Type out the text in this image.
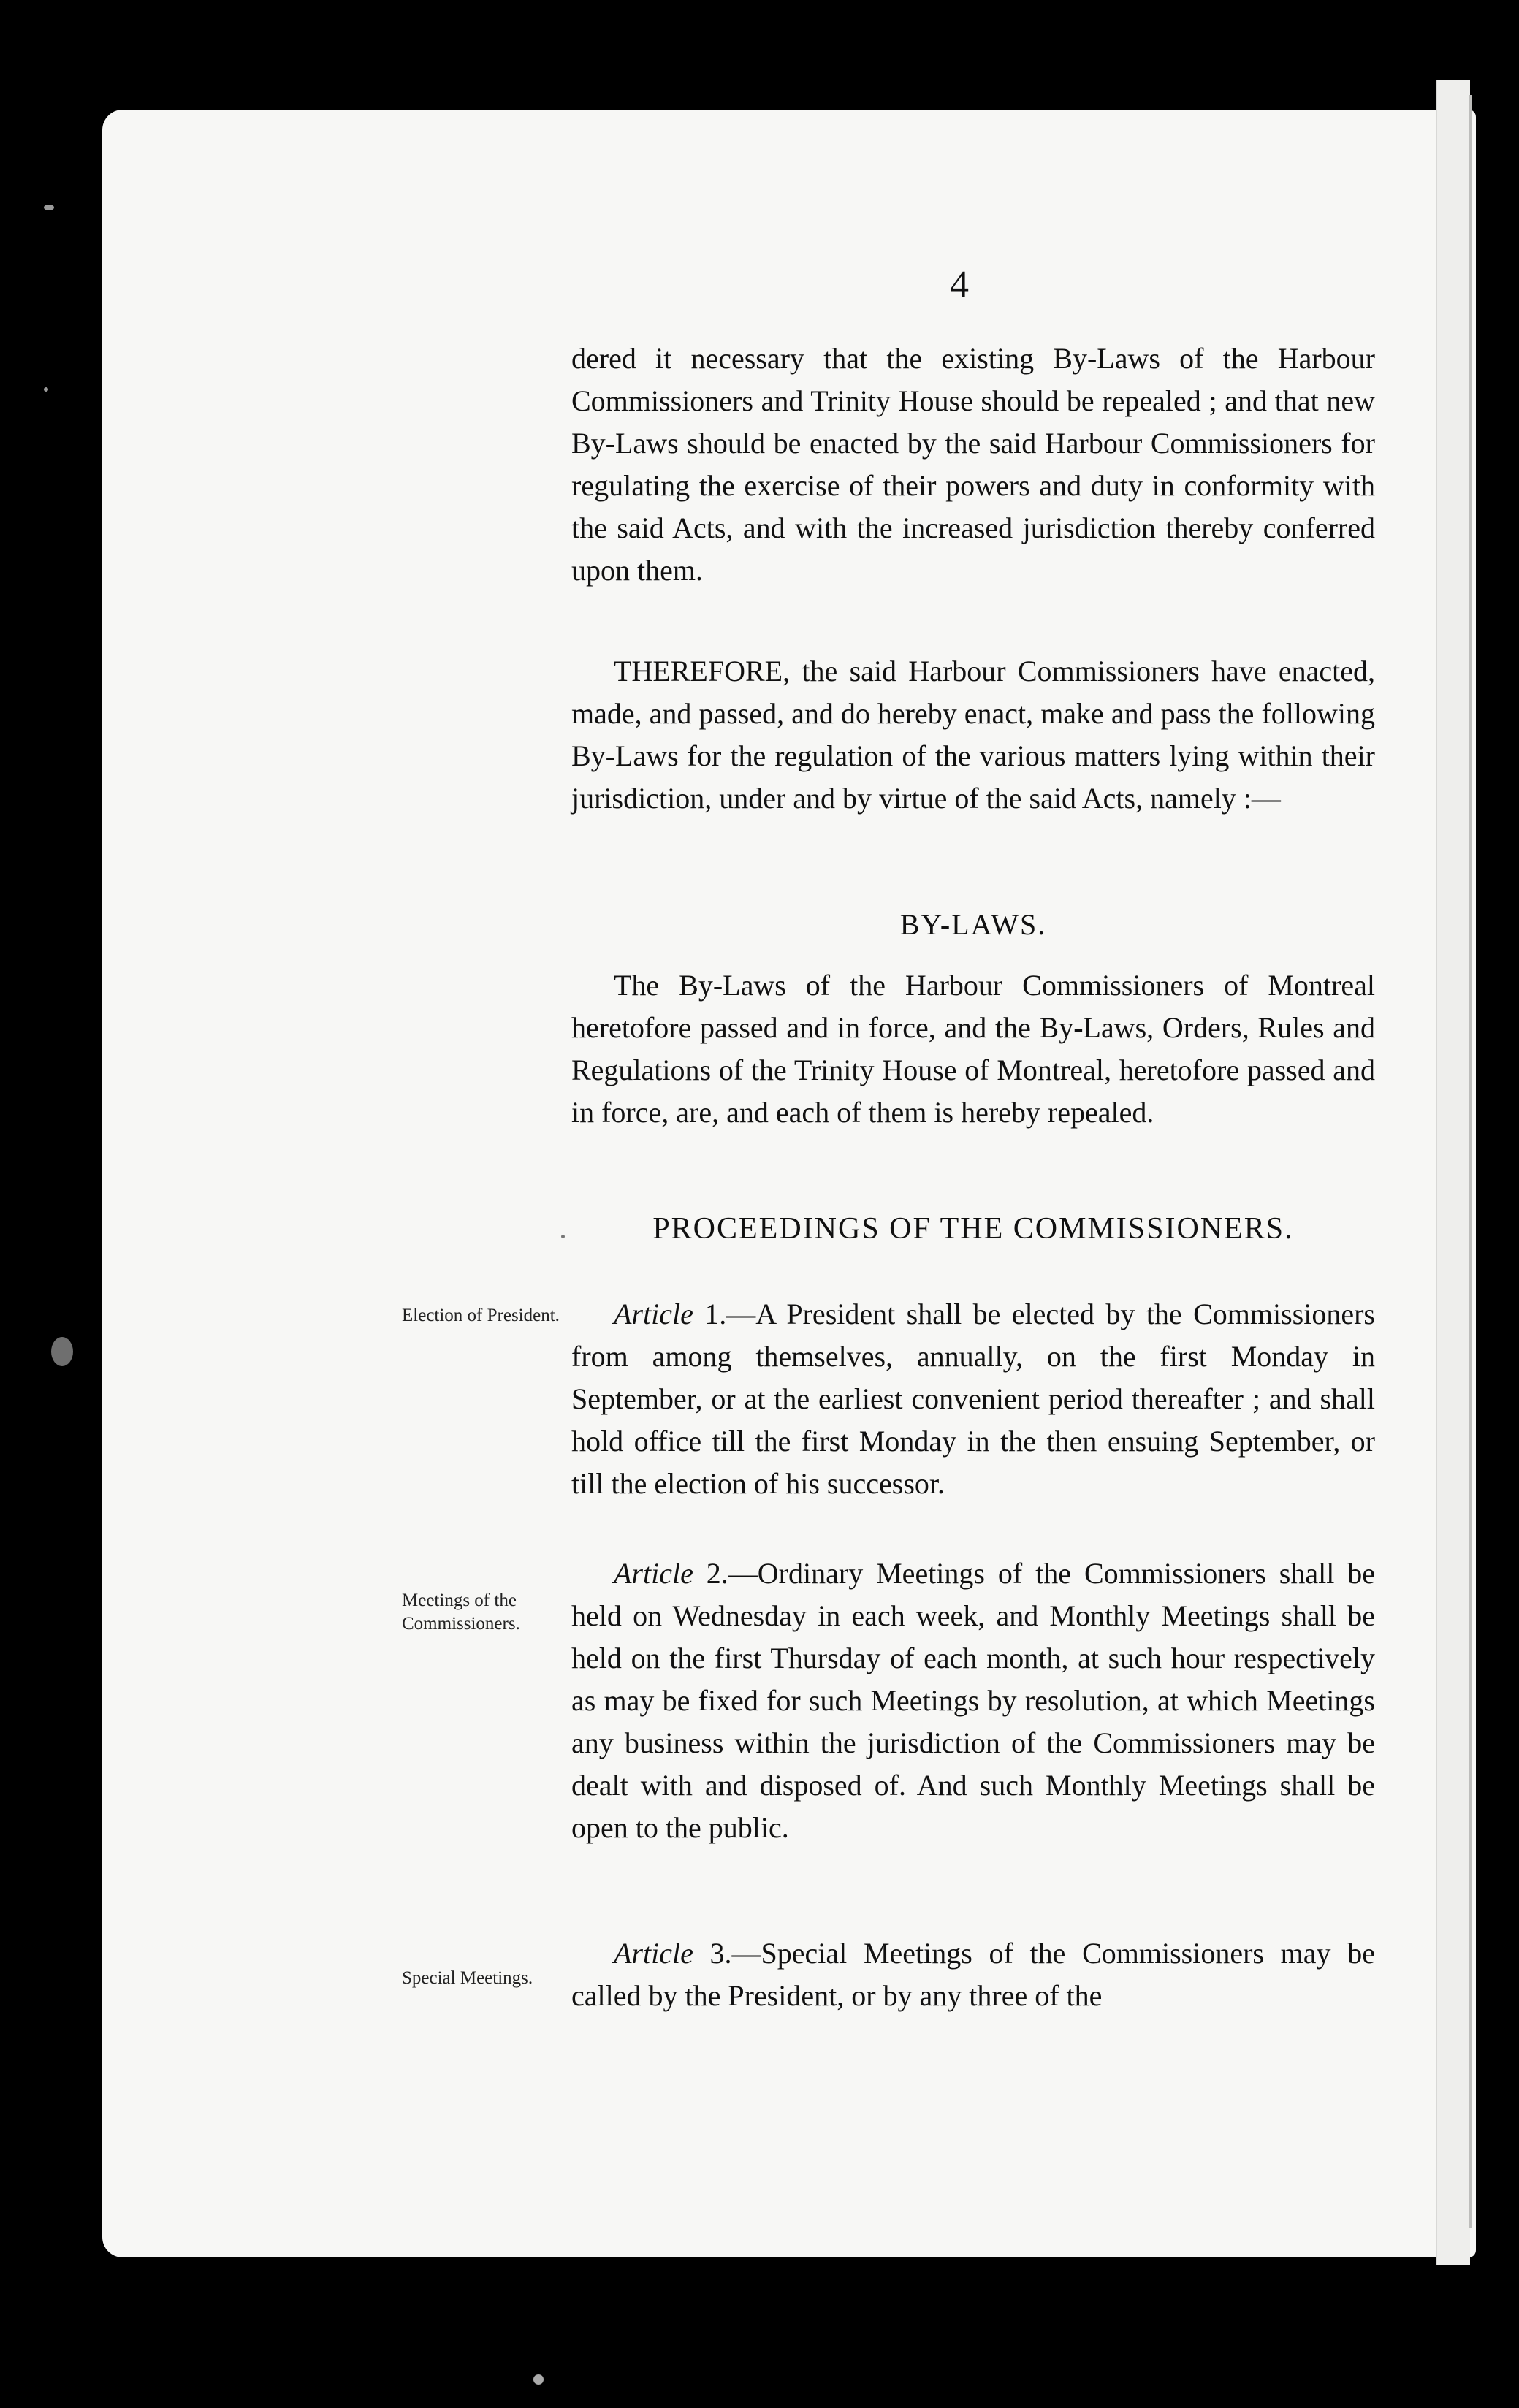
4
dered it necessary that the existing By-Laws of the Harbour Commissioners and Trinity House should be repealed ; and that new By-Laws should be enacted by the said Harbour Commissioners for regulating the exercise of their powers and duty in conformity with the said Acts, and with the increased jurisdiction thereby conferred upon them.
THEREFORE, the said Harbour Commissioners have enacted, made, and passed, and do hereby enact, make and pass the following By-Laws for the regulation of the various matters lying within their jurisdiction, under and by virtue of the said Acts, namely :—
BY-LAWS.
The By-Laws of the Harbour Commissioners of Montreal heretofore passed and in force, and the By-Laws, Orders, Rules and Regulations of the Trinity House of Montreal, heretofore passed and in force, are, and each of them is hereby repealed.
PROCEEDINGS OF THE COMMISSIONERS.
Election of President.	Article 1.—A President shall be elected by the Commissioners from among themselves, annually, on the first Monday in September, or at the earliest convenient period thereafter ; and shall hold office till the first Monday in the then ensuing September, or till the election of his successor.
Meetings of the Commissioners.
Article 2.—Ordinary Meetings of the Commissioners shall be held on Wednesday in each week, and Monthly Meetings shall be held on the first Thursday of each month, at such hour respectively as may be fixed for such Meetings by resolution, at which Meetings any business within the jurisdiction of the Commissioners may be dealt with and disposed of. And such Monthly Meetings shall be open to the public.
Special Meetings.
Article 3.—Special Meetings of the Commissioners may be called by the President, or by any three of the
